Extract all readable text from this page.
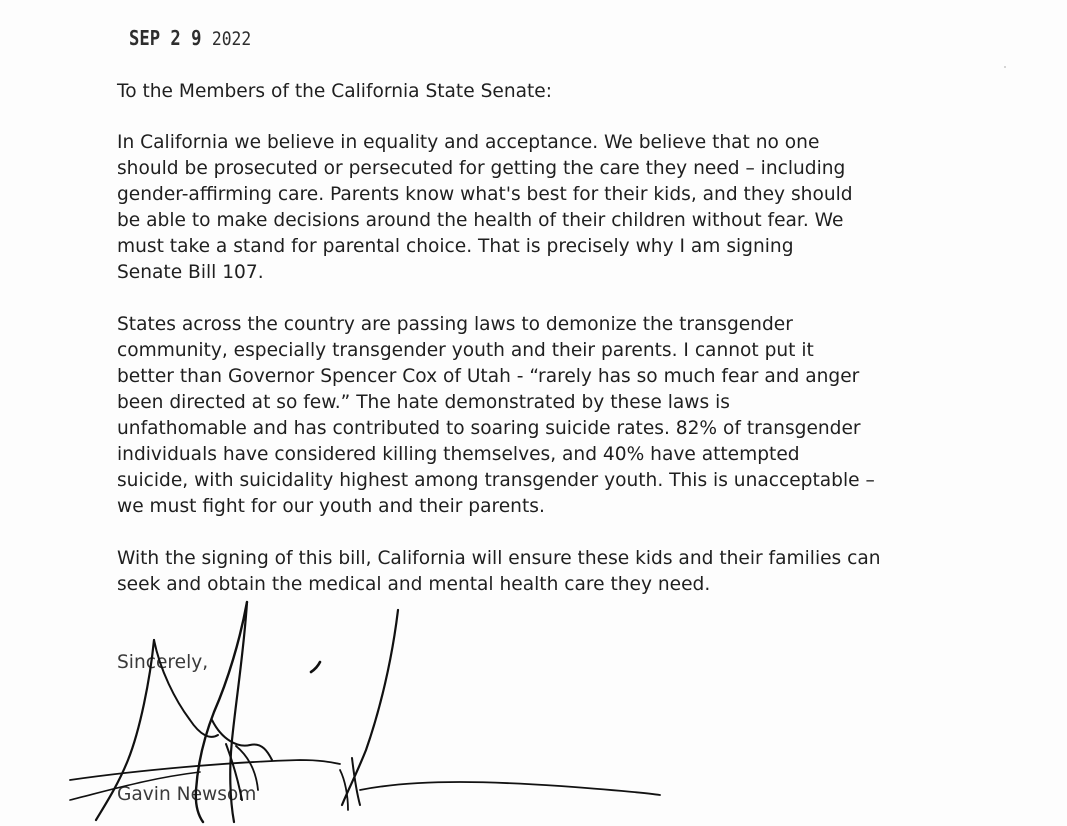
SEP 2 9 2022

To the Members of the California State Senate:

In California we believe in equality and acceptance. We believe that no one
should be prosecuted or persecuted for getting the care they need – including
gender-affirming care. Parents know what's best for their kids, and they should
be able to make decisions around the health of their children without fear. We
must take a stand for parental choice. That is precisely why I am signing
Senate Bill 107.

States across the country are passing laws to demonize the transgender
community, especially transgender youth and their parents. I cannot put it
better than Governor Spencer Cox of Utah - “rarely has so much fear and anger
been directed at so few.” The hate demonstrated by these laws is
unfathomable and has contributed to soaring suicide rates. 82% of transgender
individuals have considered killing themselves, and 40% have attempted
suicide, with suicidality highest among transgender youth. This is unacceptable –
we must fight for our youth and their parents.

With the signing of this bill, California will ensure these kids and their families can
seek and obtain the medical and mental health care they need.

Sincerely,
Gavin Newsom
